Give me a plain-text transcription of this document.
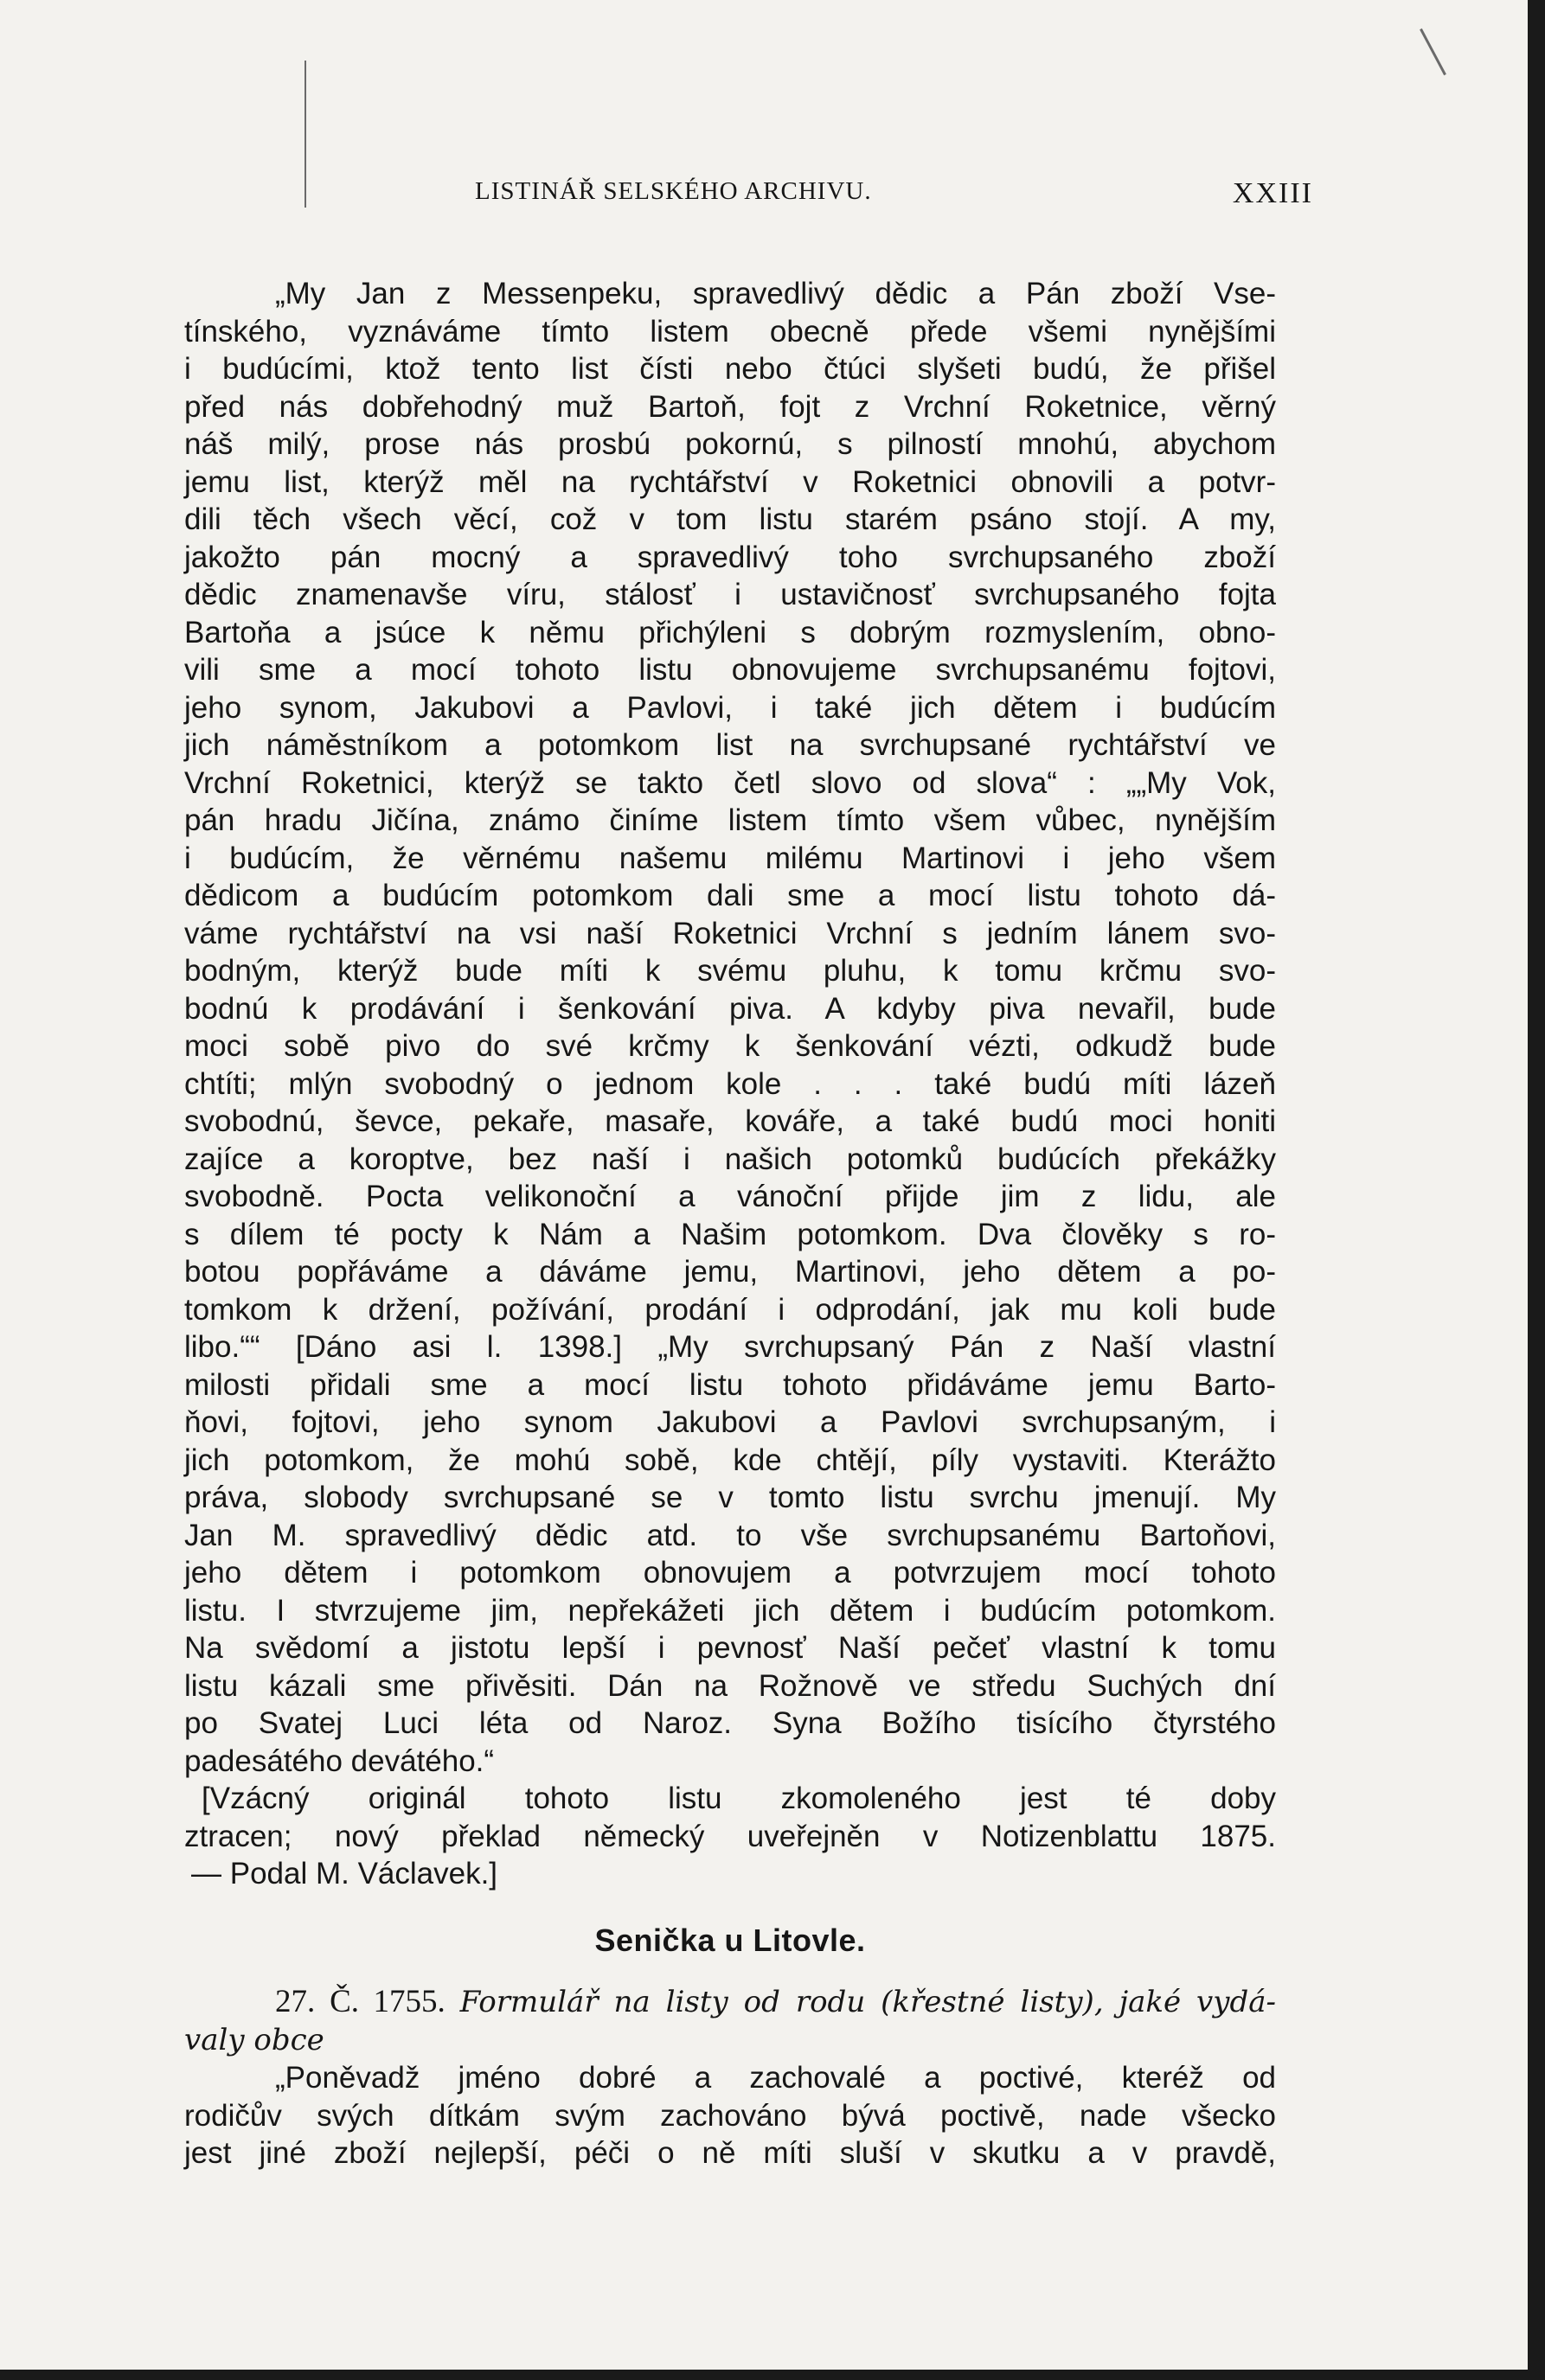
LISTINÁŘ SELSKÉHO ARCHIVU.	XXIII

„My Jan z Messenpeku, spravedlivý dědic a Pán zboží Vse-
tínského, vyznáváme tímto listem obecně přede všemi nynějšími
i budúcími, ktož tento list čísti nebo čtúci slyšeti budú, že přišel
před nás dobřehodný muž Bartoň, fojt z Vrchní Roketnice, věrný
náš milý, prose nás prosbú pokornú, s pilností mnohú, abychom
jemu list, kterýž měl na rychtářství v Roketnici obnovili a potvr-
dili těch všech věcí, což v tom listu starém psáno stojí. A my,
jakožto pán mocný a spravedlivý toho svrchupsaného zboží
dědic znamenavše víru, stálosť i ustavičnosť svrchupsaného fojta
Bartoňa a jsúce k němu přichýleni s dobrým rozmyslením, obno-
vili sme a mocí tohoto listu obnovujeme svrchupsanému fojtovi,
jeho synom, Jakubovi a Pavlovi, i také jich dětem i budúcím
jich náměstníkom a potomkom list na svrchupsané rychtářství ve
Vrchní Roketnici, kterýž se takto četl slovo od slova“ : „„My Vok,
pán hradu Jičína, známo činíme listem tímto všem vůbec, nynějším
i budúcím, že věrnému našemu milému Martinovi i jeho všem
dědicom a budúcím potomkom dali sme a mocí listu tohoto dá-
váme rychtářství na vsi naší Roketnici Vrchní s jedním lánem svo-
bodným, kterýž bude míti k svému pluhu, k tomu krčmu svo-
bodnú k prodávání i šenkování piva. A kdyby piva nevařil, bude
moci sobě pivo do své krčmy k šenkování vézti, odkudž bude
chtíti; mlýn svobodný o jednom kole . . . také budú míti lázeň
svobodnú, ševce, pekaře, masaře, kováře, a také budú moci honiti
zajíce a koroptve, bez naší i našich potomků budúcích překážky
svobodně. Pocta velikonoční a vánoční přijde jim z lidu, ale
s dílem té pocty k Nám a Našim potomkom. Dva člověky s ro-
botou popřáváme a dáváme jemu, Martinovi, jeho dětem a po-
tomkom k držení, požívání, prodání i odprodání, jak mu koli bude
libo.““ [Dáno asi l. 1398.] „My svrchupsaný Pán z Naší vlastní
milosti přidali sme a mocí listu tohoto přidáváme jemu Barto-
ňovi, fojtovi, jeho synom Jakubovi a Pavlovi svrchupsaným, i
jich potomkom, že mohú sobě, kde chtějí, píly vystaviti. Kterážto
práva, slobody svrchupsané se v tomto listu svrchu jmenují. My
Jan M. spravedlivý dědic atd. to vše svrchupsanému Bartoňovi,
jeho dětem i potomkom obnovujem a potvrzujem mocí tohoto
listu. I stvrzujeme jim, nepřekážeti jich dětem i budúcím potomkom.
Na svědomí a jistotu lepší i pevnosť Naší pečeť vlastní k tomu
listu kázali sme přivěsiti. Dán na Rožnově ve středu Suchých dní
po Svatej Luci léta od Naroz. Syna Božího tisícího čtyrstého
padesátého devátého.“

[Vzácný originál tohoto listu zkomoleného jest té doby
ztracen; nový překlad německý uveřejněn v Notizenblattu 1875.
— Podal M. Václavek.]

Senička u Litovle.

27. Č. 1755. Formulář na listy od rodu (křestné listy), jaké vydá-
valy obce
„Poněvadž jméno dobré a zachovalé a poctivé, kteréž od
rodičův svých dítkám svým zachováno bývá poctivě, nade všecko
jest jiné zboží nejlepší, péči o ně míti sluší v skutku a v pravdě,
